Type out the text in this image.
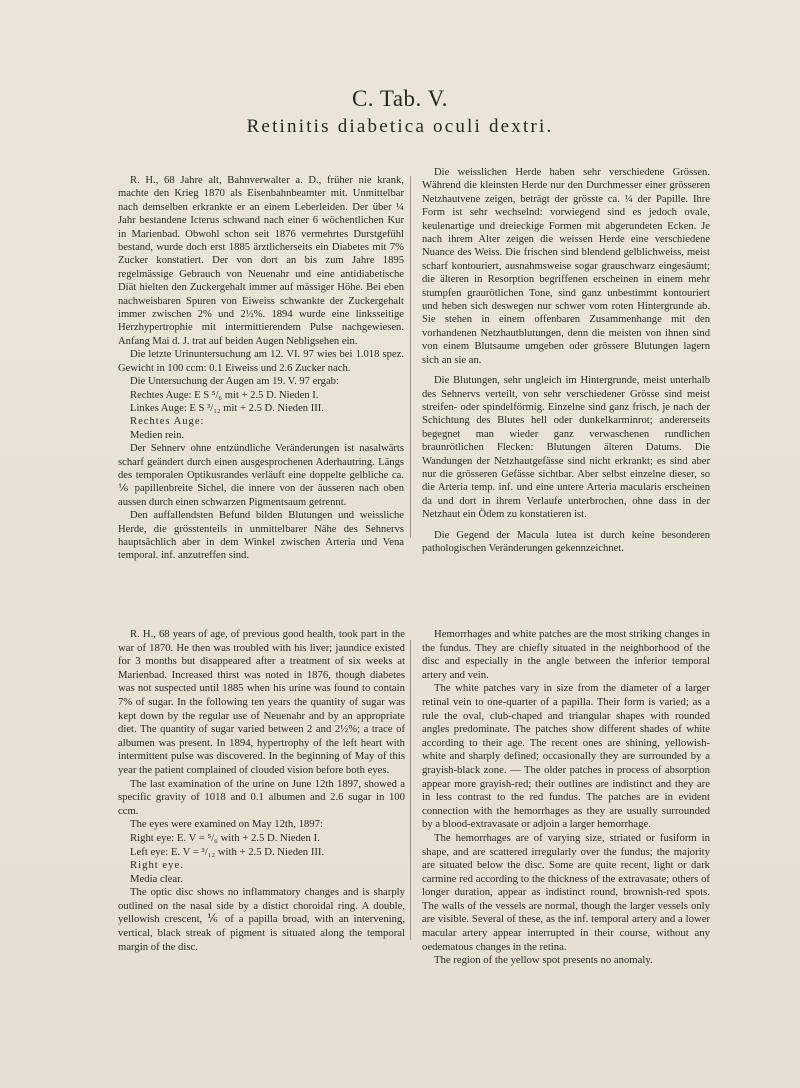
C. Tab. V.
Retinitis diabetica oculi dextri.

R. H., 68 Jahre alt, Bahnverwalter a. D., früher nie krank, machte den Krieg 1870 als Eisenbahnbeamter mit. Unmittelbar nach demselben erkrankte er an einem Leberleiden. Der über ¼ Jahr bestandene Icterus schwand nach einer 6 wöchentlichen Kur in Marienbad. Obwohl schon seit 1876 vermehrtes Durstgefühl bestand, wurde doch erst 1885 ärztlicherseits ein Diabetes mit 7% Zucker konstatiert. Der von dort an bis zum Jahre 1895 regelmässige Gebrauch von Neuenahr und eine antidiabetische Diät hielten den Zuckergehalt immer auf mässiger Höhe. Bei eben nachweisbaren Spuren von Eiweiss schwankte der Zuckergehalt immer zwischen 2% und 2½%. 1894 wurde eine linksseitige Herzhypertrophie mit intermittierendem Pulse nachgewiesen. Anfang Mai d. J. trat auf beiden Augen Nebligsehen ein.

Die letzte Urinuntersuchung am 12. VI. 97 wies bei 1.018 spez. Gewicht in 100 ccm: 0.1 Eiweiss und 2.6 Zucker nach.

Die Untersuchung der Augen am 19. V. 97 ergab:

Rechtes Auge: E S ⁵/₆ mit + 2.5 D. Nieden I.

Linkes Auge: E S ³/₁₂ mit + 2.5 D. Nieden III.

Rechtes Auge:

Medien rein.

Der Sehnerv ohne entzündliche Veränderungen ist nasalwärts scharf geändert durch einen ausgesprochenen Aderhautring. Längs des temporalen Optikusrandes verläuft eine doppelte gelbliche ca. ⅙ papillenbreite Sichel, die innere von der äusseren nach oben aussen durch einen schwarzen Pigmentsaum getrennt.

Den auffallendsten Befund bilden Blutungen und weissliche Herde, die grösstenteils in unmittelbarer Nähe des Sehnervs hauptsächlich aber in dem Winkel zwischen Arteria und Vena temporal. inf. anzutreffen sind.

Die weisslichen Herde haben sehr verschiedene Grössen. Während die kleinsten Herde nur den Durchmesser einer grösseren Netzhautvene zeigen, beträgt der grösste ca. ¼ der Papille. Ihre Form ist sehr wechselnd: vorwiegend sind es jedoch ovale, keulenartige und dreieckige Formen mit abgerundeten Ecken. Je nach ihrem Alter zeigen die weissen Herde eine verschiedene Nuance des Weiss. Die frischen sind blendend gelblichweiss, meist scharf kontouriert, ausnahmsweise sogar grauschwarz eingesäumt; die älteren in Resorption begriffenen erscheinen in einem mehr stumpfen graurötlichen Tone, sind ganz unbestimmt kontouriert und heben sich deswegen nur schwer vom roten Hintergrunde ab. Sie stehen in einem offenbaren Zusammenhange mit den vorhandenen Netzhautblutungen, denn die meisten von ihnen sind von einem Blutsaume umgeben oder grössere Blutungen lagern sich an sie an.

Die Blutungen, sehr ungleich im Hintergrunde, meist unterhalb des Sehnervs verteilt, von sehr verschiedener Grösse sind meist streifen- oder spindelförmig. Einzelne sind ganz frisch, je nach der Schichtung des Blutes hell oder dunkelkarminrot; andererseits begegnet man wieder ganz verwaschenen rundlichen braunrötlichen Flecken: Blutungen älteren Datums. Die Wandungen der Netzhautgefässe sind nicht erkrankt; es sind aber nur die grösseren Gefässe sichtbar. Aber selbst einzelne dieser, so die Arteria temp. inf. und eine untere Arteria macularis erscheinen da und dort in ihrem Verlaufe unterbrochen, ohne dass in der Netzhaut ein Ödem zu konstatieren ist.

Die Gegend der Macula lutea ist durch keine besonderen pathologischen Veränderungen gekennzeichnet.

R. H., 68 years of age, of previous good health, took part in the war of 1870. He then was troubled with his liver; jaundice existed for 3 months but disappeared after a treatment of six weeks at Marienbad. Increased thirst was noted in 1876, though diabetes was not suspected until 1885 when his urine was found to contain 7% of sugar. In the following ten years the quantity of sugar was kept down by the regular use of Neuenahr and by an appropriate diet. The quantity of sugar varied between 2 and 2½%; a trace of albumen was present. In 1894, hypertrophy of the left heart with intermittent pulse was discovered. In the beginning of May of this year the patient complained of clouded vision before both eyes.

The last examination of the urine on June 12th 1897, showed a specific gravity of 1018 and 0.1 albumen and 2.6 sugar in 100 ccm.

The eyes were examined on May 12th, 1897:

Right eye: E. V = ⁵/₆ with + 2.5 D. Nieden I.

Left eye: E. V = ³/₁₂ with + 2.5 D. Nieden III.

Right eye.

Media clear.

The optic disc shows no inflammatory changes and is sharply outlined on the nasal side by a distict choroidal ring. A double, yellowish crescent, ⅙ of a papilla broad, with an intervening, vertical, black streak of pigment is situated along the temporal margin of the disc.

Hemorrhages and white patches are the most striking changes in the fundus. They are chiefly situated in the neighborhood of the disc and especially in the angle between the inferior temporal artery and vein.

The white patches vary in size from the diameter of a larger retinal vein to one-quarter of a papilla. Their form is varied; as a rule the oval, club-chaped and triangular shapes with rounded angles predominate. The patches show different shades of white according to their age. The recent ones are shining, yellowish-white and sharply defined; occasionally they are surrounded by a grayish-black zone. — The older patches in process of absorption appear more grayish-red; their outlines are indistinct and they are in less contrast to the red fundus. The patches are in evident connection with the hemorrhages as they are usually surrounded by a blood-extravasate or adjoin a larger hemorrhage.

The hemorrhages are of varying size, striated or fusiform in shape, and are scattered irregularly over the fundus; the majority are situated below the disc. Some are quite recent, light or dark carmine red according to the thickness of the extravasate; others of longer duration, appear as indistinct round, brownish-red spots. The walls of the vessels are normal, though the larger vessels only are visible. Several of these, as the inf. temporal artery and a lower macular artery appear interrupted in their course, without any oedematous changes in the retina.

The region of the yellow spot presents no anomaly.
